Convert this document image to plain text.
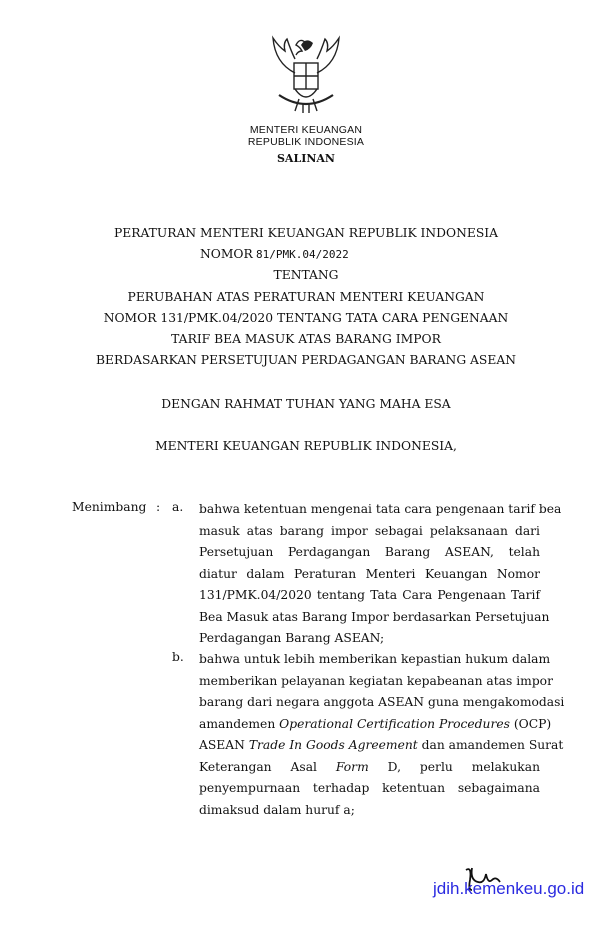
MENTERI KEUANGAN
REPUBLIK INDONESIA
SALINAN
PERATURAN MENTERI KEUANGAN REPUBLIK INDONESIA
NOMOR 81/PMK.04/2022
TENTANG
PERUBAHAN ATAS PERATURAN MENTERI KEUANGAN
NOMOR 131/PMK.04/2020 TENTANG TATA CARA PENGENAAN
TARIF BEA MASUK ATAS BARANG IMPOR
BERDASARKAN PERSETUJUAN PERDAGANGAN BARANG ASEAN
DENGAN RAHMAT TUHAN YANG MAHA ESA
MENTERI KEUANGAN REPUBLIK INDONESIA,
Menimbang : a.
b.
bahwa ketentuan mengenai tata cara pengenaan tarif bea
masuk atas barang impor sebagai pelaksanaan dari
Persetujuan Perdagangan Barang ASEAN, telah
diatur dalam Peraturan Menteri Keuangan Nomor
131/PMK.04/2020 tentang Tata Cara Pengenaan Tarif
Bea Masuk atas Barang Impor berdasarkan Persetujuan
Perdagangan Barang ASEAN;
bahwa untuk lebih memberikan kepastian hukum dalam
memberikan pelayanan kegiatan kepabeanan atas impor
barang dari negara anggota ASEAN guna mengakomodasi
amandemen Operational Certification Procedures (OCP)
ASEAN Trade In Goods Agreement dan amandemen Surat
Keterangan Asal Form D, perlu melakukan
penyempurnaan terhadap ketentuan sebagaimana
dimaksud dalam huruf a;
jdih.kemenkeu.go.id
